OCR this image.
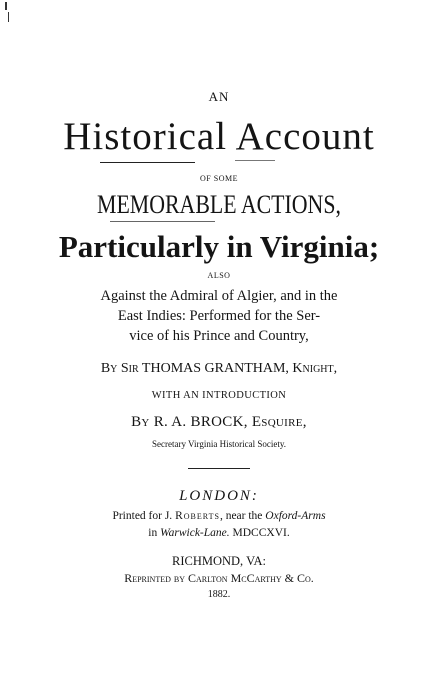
AN
Historical Account
OF SOME
MEMORABLE ACTIONS,
Particularly in Virginia;
ALSO
Against the Admiral of Algier, and in the
East Indies: Performed for the Ser-
vice of his Prince and Country,
By Sir THOMAS GRANTHAM, Knight,
WITH AN INTRODUCTION
By R. A. BROCK, Esquire,
Secretary Virginia Historical Society.
LONDON:
Printed for J. Roberts, near the Oxford-Arms
in Warwick-Lane. MDCCXVI.
RICHMOND, VA:
Reprinted by Carlton McCarthy & Co.
1882.
